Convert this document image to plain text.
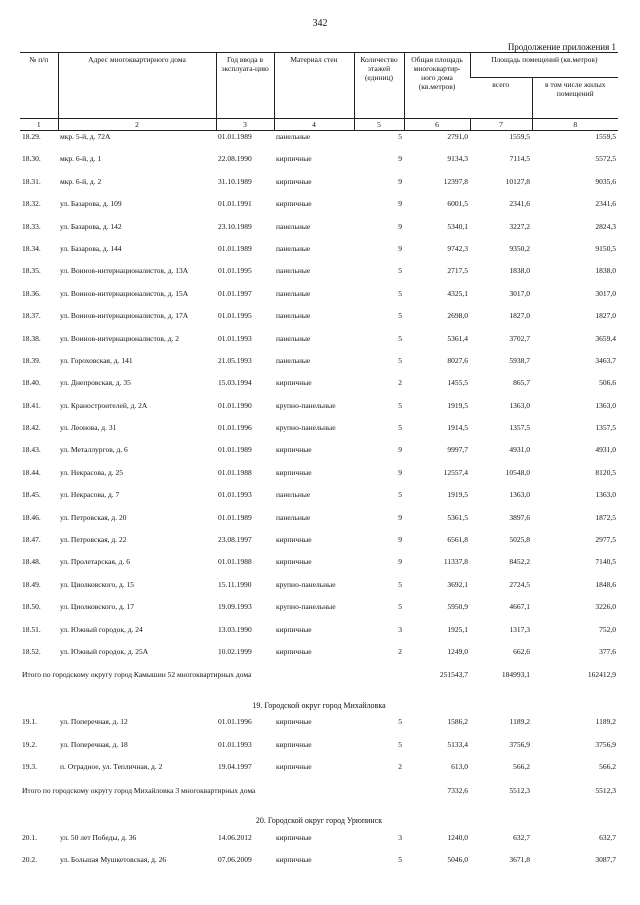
342
Продолжение приложения 1
№ п/п	Адрес многоквартирного дома	Год ввода в эксплуата-цию	Материал стен	Количество этажей (единиц)	Общая площадь многоквартир-ного дома (кв.метров)	Площадь помещений (кв.метров)	
						всего	в том числе жилых помещений
1	2	3	4	5	6	7	8
18.29.	мкр. 5-й, д. 72А	01.01.1989	панельные	5	2791,0	1559,5	1559,5
18.30.	мкр. 6-й, д. 1	22.08.1990	кирпичные	9	9134,3	7114,5	5572,5
18.31.	мкр. 6-й, д. 2	31.10.1989	кирпичные	9	12397,8	10127,8	9035,6
18.32.	ул. Базарова, д. 109	01.01.1991	кирпичные	9	6001,5	2341,6	2341,6
18.33.	ул. Базарова, д. 142	23.10.1989	панельные	9	5340,1	3227,2	2824,3
18.34.	ул. Базарова, д. 144	01.01.1989	панельные	9	9742,3	9350,2	9150,5
18.35.	ул. Воинов-интернационалистов, д. 13А	01.01.1995	панельные	5	2717,5	1838,0	1838,0
18.36.	ул. Воинов-интернационалистов, д. 15А	01.01.1997	панельные	5	4325,1	3017,0	3017,0
18.37.	ул. Воинов-интернационалистов, д. 17А	01.01.1995	панельные	5	2698,0	1827,0	1827,0
18.38.	ул. Воинов-интернационалистов, д. 2	01.01.1993	панельные	5	5361,4	3702,7	3659,4
18.39.	ул. Гороховская, д. 141	21.05.1993	панельные	5	8027,6	5938,7	3463,7
18.40.	ул. Днепровская, д. 35	15.03.1994	кирпичные	2	1455,5	865,7	506,6
18.41.	ул. Краностроителей, д. 2А	01.01.1990	крупно-панельные	5	1919,5	1363,0	1363,0
18.42.	ул. Леонова, д. 31	01.01.1996	крупно-панельные	5	1914,5	1357,5	1357,5
18.43.	ул. Металлургов, д. 6	01.01.1989	кирпичные	9	9997,7	4931,0	4931,0
18.44.	ул. Некрасова, д. 25	01.01.1988	кирпичные	9	12557,4	10548,0	8120,5
18.45.	ул. Некрасова, д. 7	01.01.1993	панельные	5	1919,5	1363,0	1363,0
18.46.	ул. Петровская, д. 20	01.01.1989	панельные	9	5361,5	3897,6	1872,5
18.47.	ул. Петровская, д. 22	23.08.1997	кирпичные	9	6561,8	5025,8	2977,5
18.48.	ул. Пролетарская, д. 6	01.01.1988	кирпичные	9	11337,8	8452,2	7140,5
18.49.	ул. Циолковского, д. 15	15.11.1990	крупно-панельные	5	3692,1	2724,5	1848,6
18.50.	ул. Циолковского, д. 17	19.09.1993	крупно-панельные	5	5950,9	4667,1	3226,0
18.51.	ул. Южный городок, д. 24	13.03.1990	кирпичные	3	1925,1	1317,3	752,0
18.52.	ул. Южный городок, д. 25А	10.02.1999	кирпичные	2	1249,0	662,6	377,6
Итого по городскому округу город Камышин 52 многоквартирных дома					251543,7	184993,1	162412,9
19. Городской округ город Михайловка							
19.1.	ул. Поперечная, д. 12	01.01.1996	кирпичные	5	1586,2	1189,2	1189,2
19.2.	ул. Поперечная, д. 18	01.01.1993	кирпичные	5	5133,4	3756,9	3756,9
19.3.	п. Отрадное, ул. Тепличная, д. 2	19.04.1997	кирпичные	2	613,0	566,2	566,2
Итого по городскому округу город Михайловка 3 многоквартирных дома					7332,6	5512,3	5512,3
20. Городской округ город Урюпинск							
20.1.	ул. 50 лет Победы, д. 36	14.06.2012	кирпичные	3	1240,0	632,7	632,7
20.2.	ул. Большая Мушкетовская, д. 26	07.06.2009	кирпичные	5	5046,0	3671,8	3087,7
